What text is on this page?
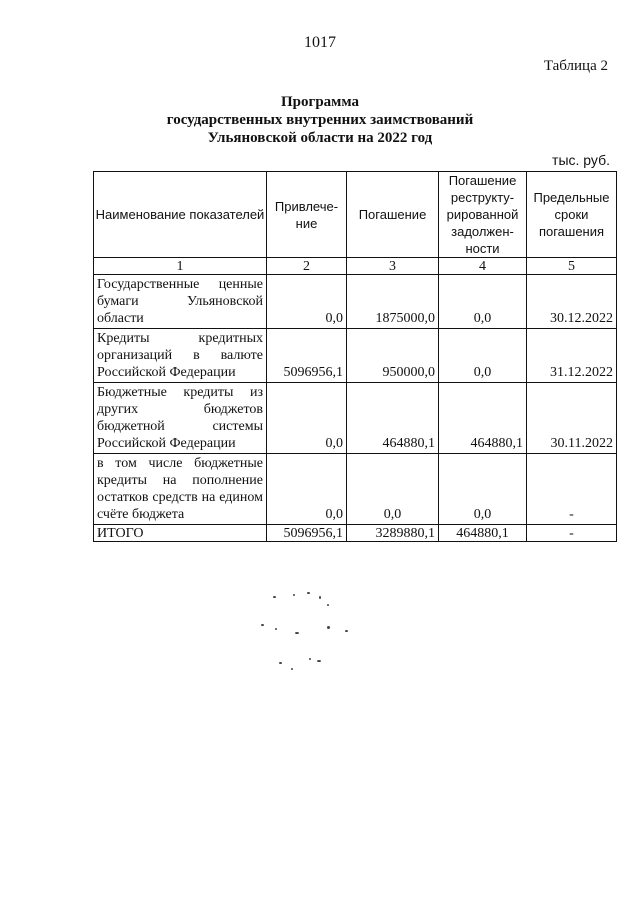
1017
Таблица 2
Программа
государственных внутренних заимствований
Ульяновской области на 2022 год
тыс. руб.
Наименование показателей	Привлече-ние	Погашение	Погашение реструкту-рированной задолжен-ности	Предельные сроки погашения
1	2	3	4	5
Государственные ценные бумаги Ульяновской области	0,0	1875000,0	0,0	30.12.2022
Кредиты кредитных организаций в валюте Российской Федерации	5096956,1	950000,0	0,0	31.12.2022
Бюджетные кредиты из других бюджетов бюджетной системы Российской Федерации	0,0	464880,1	464880,1	30.11.2022
в том числе бюджетные кредиты на пополнение остатков средств на едином счёте бюджета	0,0	0,0	0,0	-
ИТОГО	5096956,1	3289880,1	464880,1	-
